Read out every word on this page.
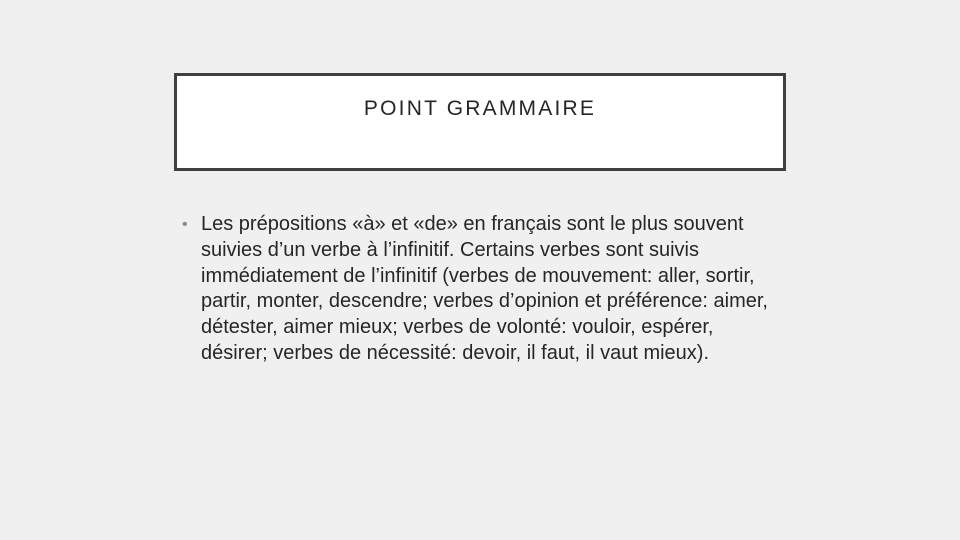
POINT GRAMMAIRE
• Les prépositions «à» et «de» en français sont le plus souvent suivies d’un verbe à l’infinitif. Certains verbes sont suivis immédiatement de l’infinitif (verbes de mouvement: aller, sortir, partir, monter, descendre; verbes d’opinion et préférence: aimer, détester, aimer mieux; verbes de volonté: vouloir, espérer, désirer; verbes de nécessité: devoir, il faut, il vaut mieux).
